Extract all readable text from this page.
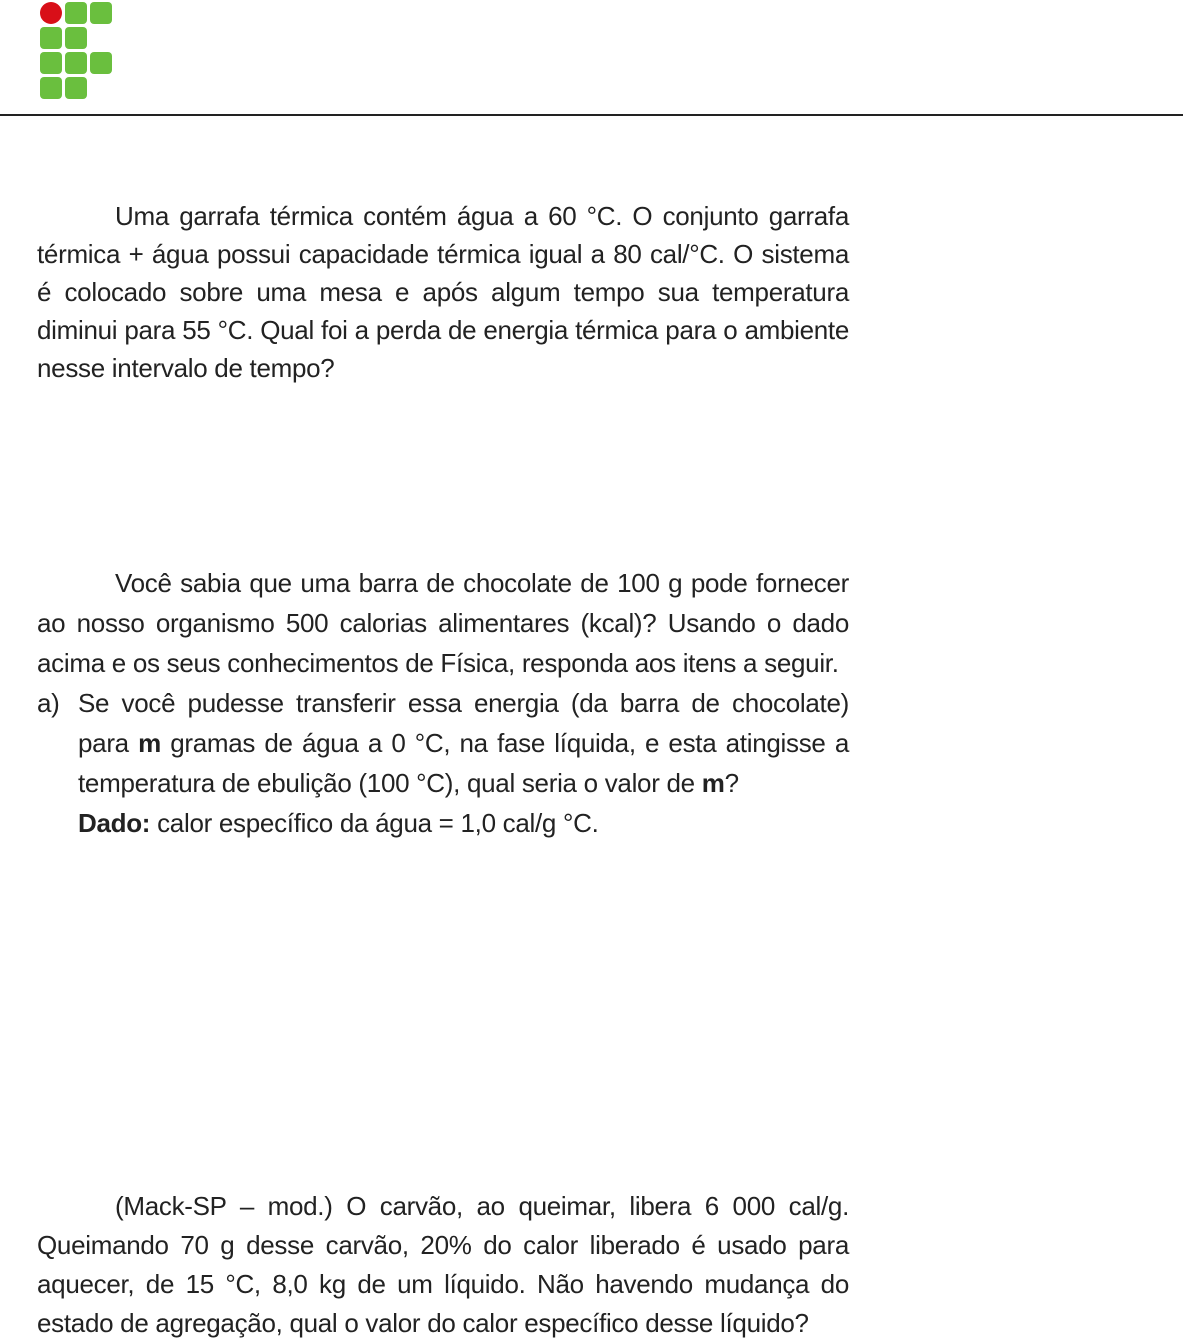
Uma garrafa térmica contém água a 60 °C. O conjunto garrafa térmica + água possui capacidade térmica igual a 80 cal/°C. O sistema é colocado sobre uma mesa e após algum tempo sua temperatura diminui para 55 °C. Qual foi a perda de energia térmica para o ambiente nesse intervalo de tempo?

Você sabia que uma barra de chocolate de 100 g pode fornecer ao nosso organismo 500 calorias alimentares (kcal)? Usando o dado acima e os seus conhecimentos de Física, responda aos itens a seguir.

a) Se você pudesse transferir essa energia (da barra de chocolate) para m gramas de água a 0 °C, na fase líquida, e esta atingisse a temperatura de ebulição (100 °C), qual seria o valor de m?
Dado: calor específico da água = 1,0 cal/g °C.

(Mack-SP – mod.) O carvão, ao queimar, libera 6 000 cal/g. Queimando 70 g desse carvão, 20% do calor liberado é usado para aquecer, de 15 °C, 8,0 kg de um líquido. Não havendo mudança do estado de agregação, qual o valor do calor específico desse líquido?
